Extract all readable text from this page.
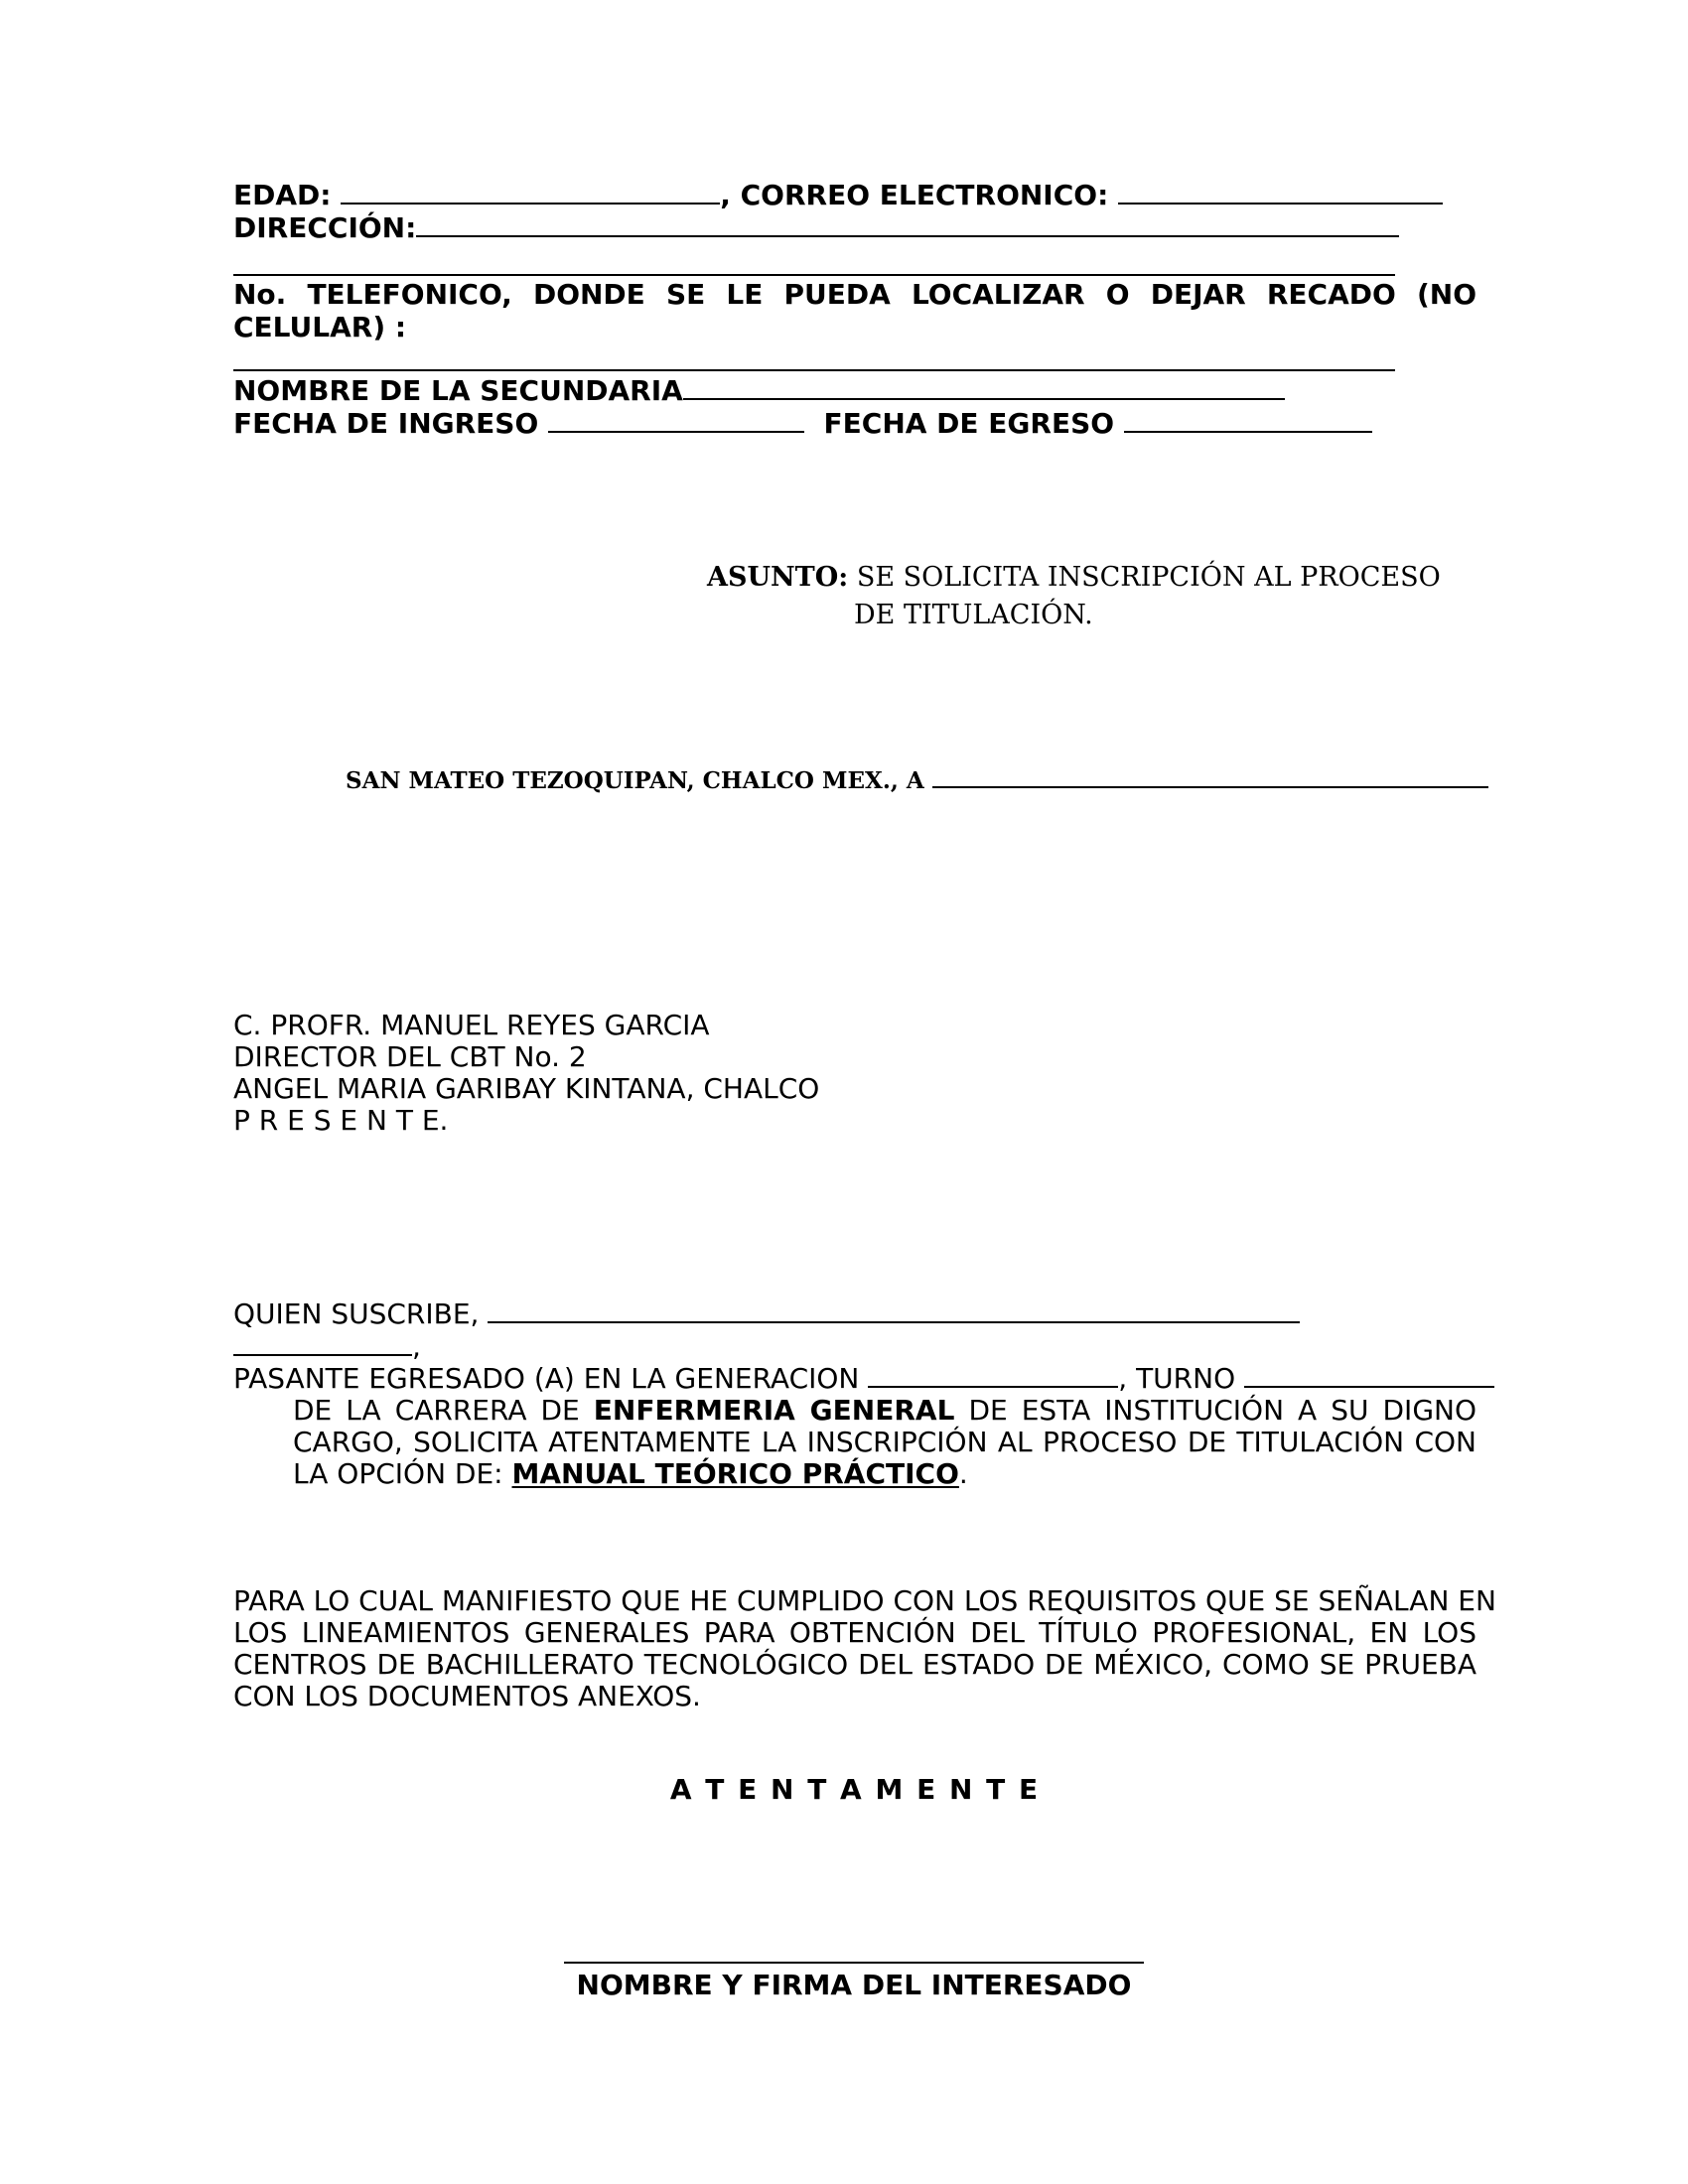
EDAD:	, CORREO ELECTRONICO:
DIRECCIÓN:
No. TELEFONICO, DONDE SE LE PUEDA LOCALIZAR O DEJAR RECADO (NO
CELULAR) :
NOMBRE DE LA SECUNDARIA
FECHA DE INGRESO	FECHA DE EGRESO
ASUNTO: SE SOLICITA INSCRIPCIÓN AL PROCESO
DE TITULACIÓN.
SAN MATEO TEZOQUIPAN, CHALCO MEX., A

C. PROFR. MANUEL REYES GARCIA

DIRECTOR DEL CBT No. 2

ANGEL MARIA GARIBAY KINTANA, CHALCO

P R E S E N T E.

QUIEN SUSCRIBE,
,
PASANTE EGRESADO (A) EN LA GENERACION	, TURNO
DE LA CARRERA DE ENFERMERIA GENERAL DE ESTA INSTITUCIÓN A SU DIGNO
CARGO, SOLICITA ATENTAMENTE LA INSCRIPCIÓN AL PROCESO DE TITULACIÓN CON
LA OPCIÓN DE: MANUAL TEÓRICO PRÁCTICO.
PARA LO CUAL MANIFIESTO QUE HE CUMPLIDO CON LOS REQUISITOS QUE SE SEÑALAN EN
LOS LINEAMIENTOS GENERALES PARA OBTENCIÓN DEL TÍTULO PROFESIONAL, EN LOS
CENTROS DE BACHILLERATO TECNOLÓGICO DEL ESTADO DE MÉXICO, COMO SE PRUEBA
CON LOS DOCUMENTOS ANEXOS.
A T E N T A M E N T E
NOMBRE Y FIRMA DEL INTERESADO
